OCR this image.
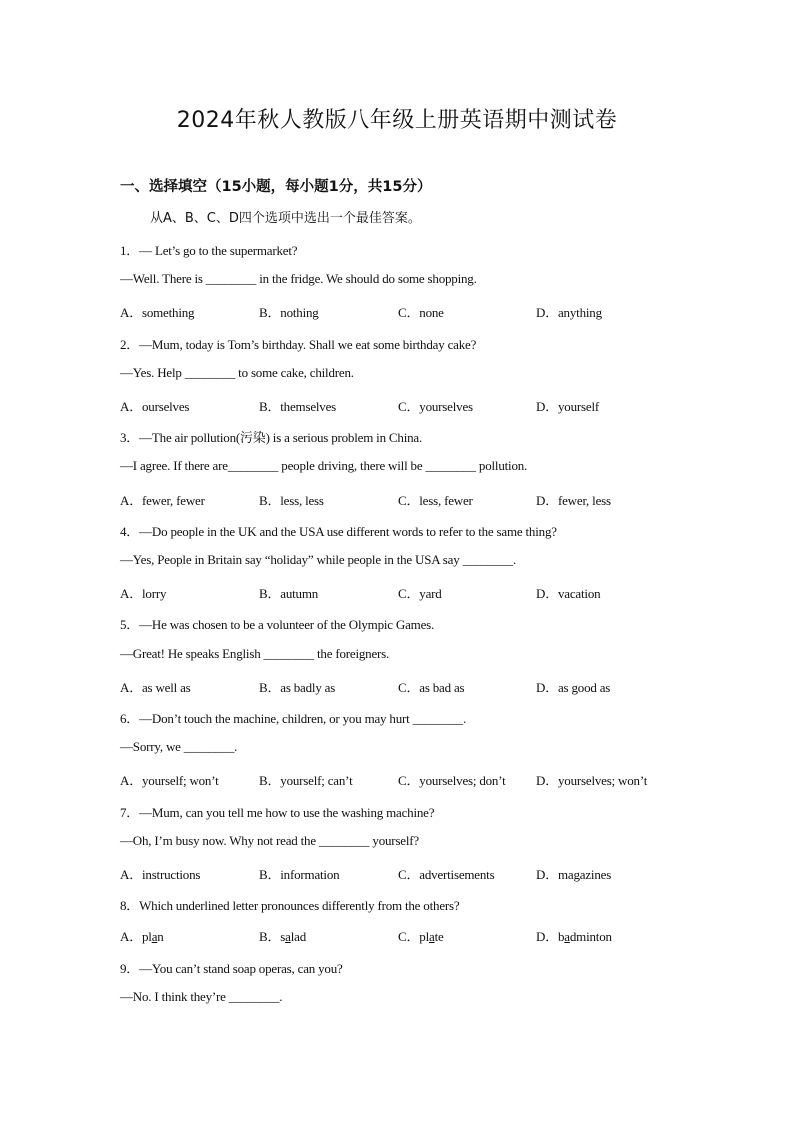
2024年秋人教版八年级上册英语期中测试卷
一、选择填空（15小题，每小题1分，共15分）
从A、B、C、D四个选项中选出一个最佳答案。
1．— Let’s go to the supermarket?
—Well. There is ________ in the fridge. We should do some shopping.
A．something	B．nothing	C．none	D．anything
2．—Mum, today is Tom’s birthday. Shall we eat some birthday cake?
—Yes. Help ________ to some cake, children.
A．ourselves	B．themselves	C．yourselves	D．yourself
3．—The air pollution(污染) is a serious problem in China.
—I agree. If there are________ people driving, there will be ________ pollution.
A．fewer, fewer	B．less, less	C．less, fewer	D．fewer, less
4．—Do people in the UK and the USA use different words to refer to the same thing?
—Yes, People in Britain say “holiday” while people in the USA say ________.
A．lorry	B．autumn	C．yard	D．vacation
5．—He was chosen to be a volunteer of the Olympic Games.
—Great! He speaks English ________ the foreigners.
A．as well as	B．as badly as	C．as bad as	D．as good as
6．—Don’t touch the machine, children, or you may hurt ________.
—Sorry, we ________.
A．yourself; won’t	B．yourself; can’t	C．yourselves; don’t D．yourselves; won’t
7．—Mum, can you tell me how to use the washing machine?
—Oh, I’m busy now. Why not read the ________ yourself?
A．instructions	B．information	C．advertisements	D．magazines
8．Which underlined letter pronounces differently from the others?
A．plan	B．salad	C．plate	D．badminton
9．—You can’t stand soap operas, can you?
—No. I think they’re ________.
